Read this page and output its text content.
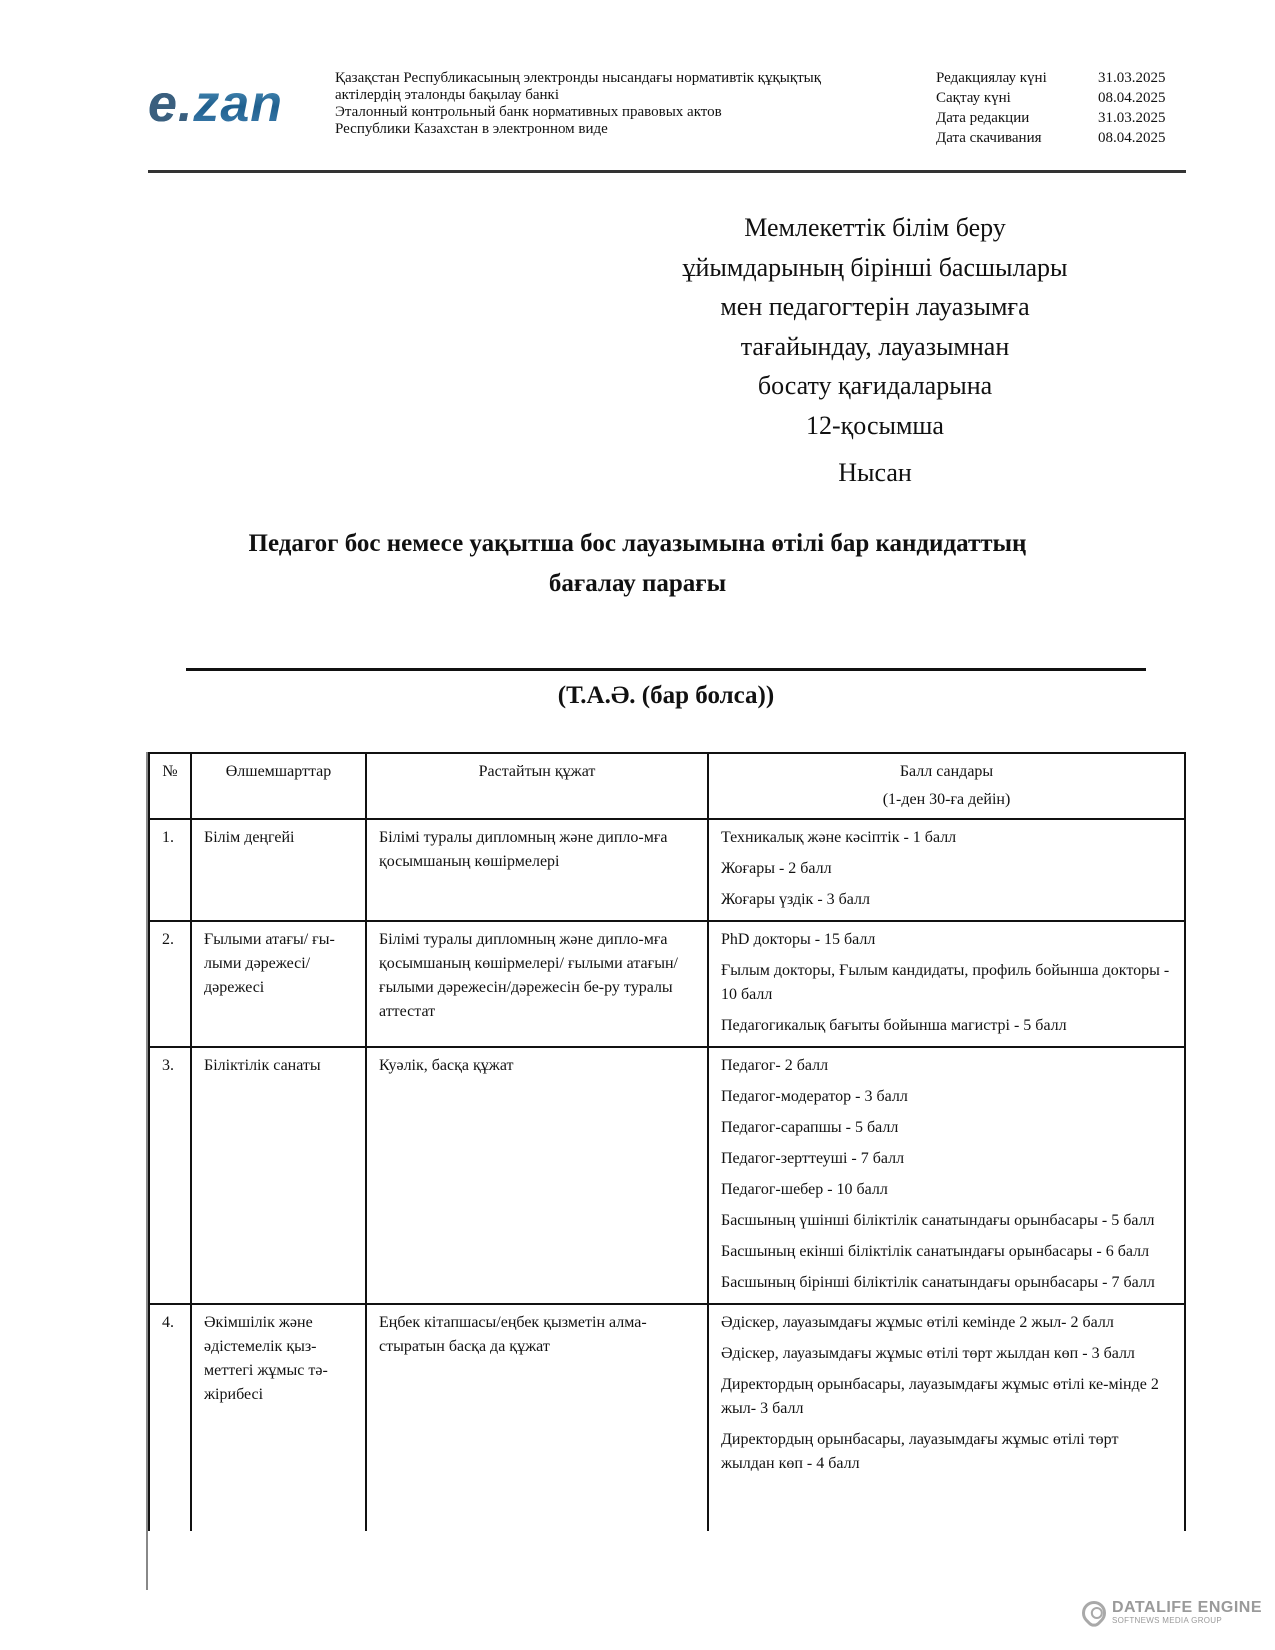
e.zan	Қазақстан Республикасының электронды нысандағы нормативтік құқықтық
актілердің эталонды бақылау банкі
Эталонный контрольный банк нормативных правовых актов
Республики Казахстан в электронном виде
Редакциялау күні	31.03.2025
Сақтау күні	08.04.2025
Дата редакции	31.03.2025
Дата скачивания	08.04.2025
Мемлекеттік білім беру
ұйымдарының бірінші басшылары
мен педагогтерін лауазымға
тағайындау, лауазымнан
босату қағидаларына
12-қосымша
Нысан
Педагог бос немесе уақытша бос лауазымына өтілі бар кандидаттың
бағалау парағы
(Т.А.Ә. (бар болса))
№	Өлшемшарттар	Растайтын құжат	Балл сандары
(1-ден 30-ға дейін)

1.	Білім деңгейі	Білімі туралы дипломның және дипло-мға қосымшаның көшірмелері	Техникалық және кәсіптік - 1 балл
Жоғары - 2 балл
Жоғары үздік - 3 балл

2.	Ғылыми атағы/ ғы-лыми дәрежесі/ дәрежесі	Білімі туралы дипломның және дипло-мға қосымшаның көшірмелері/ ғылыми атағын/ ғылыми дәрежесін/дәрежесін бе-ру туралы аттестат	PhD докторы - 15 балл
Ғылым докторы, Ғылым кандидаты, профиль бойынша докторы - 10 балл
Педагогикалық бағыты бойынша магистрі - 5 балл

3.	Біліктілік санаты	Куәлік, басқа құжат	Педагог- 2 балл
Педагог-модератор - 3 балл
Педагог-сарапшы - 5 балл
Педагог-зерттеуші - 7 балл
Педагог-шебер - 10 балл
Басшының үшінші біліктілік санатындағы орынбасары - 5 балл
Басшының екінші біліктілік санатындағы орынбасары - 6 балл
Басшының бірінші біліктілік санатындағы орынбасары - 7 балл

4.	Әкімшілік және әдістемелік қыз-меттегі жұмыс тә-жірибесі	Еңбек кітапшасы/еңбек қызметін алма-стыратын басқа да құжат	Әдіскер, лауазымдағы жұмыс өтілі кемінде 2 жыл- 2 балл
Әдіскер, лауазымдағы жұмыс өтілі төрт жылдан көп - 3 балл
Директордың орынбасары, лауазымдағы жұмыс өтілі ке-мінде 2 жыл- 3 балл
Директордың орынбасары, лауазымдағы жұмыс өтілі төрт жылдан көп - 4 балл
DATALIFE ENGINE
SOFTNEWS MEDIA GROUP
